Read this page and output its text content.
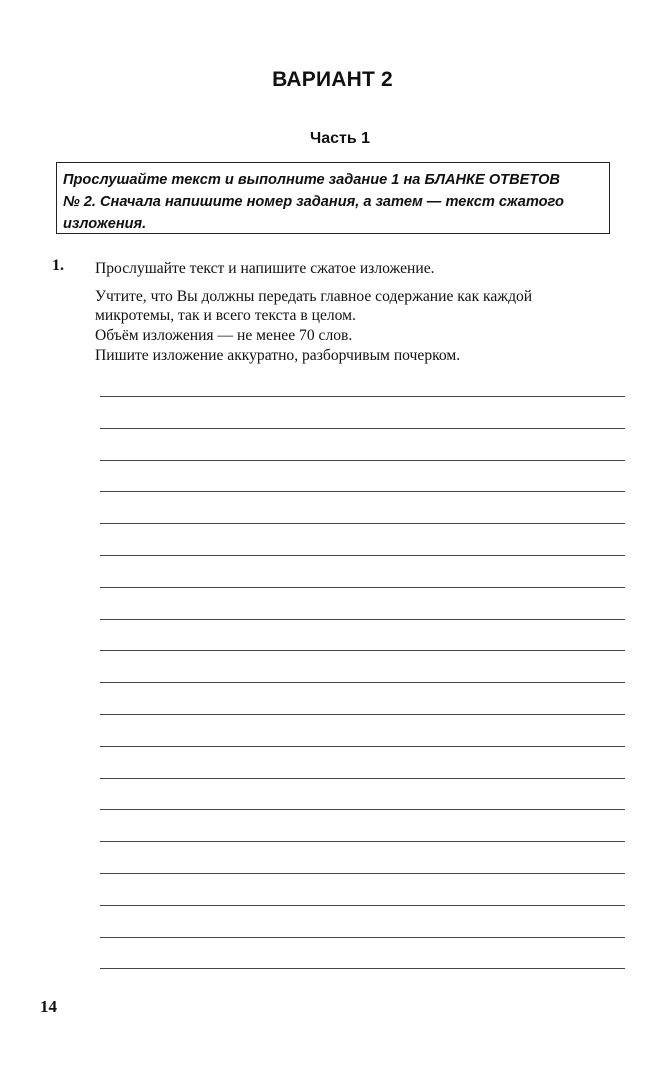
ВАРИАНТ 2
Часть 1
Прослушайте текст и выполните задание 1 на БЛАНКЕ ОТВЕТОВ
№ 2. Сначала напишите номер задания, а затем — текст сжатого
изложения.
1. Прослушайте текст и напишите сжатое изложение.
Учтите, что Вы должны передать главное содержание как каждой
микротемы, так и всего текста в целом.
Объём изложения — не менее 70 слов.
Пишите изложение аккуратно, разборчивым почерком.
14
